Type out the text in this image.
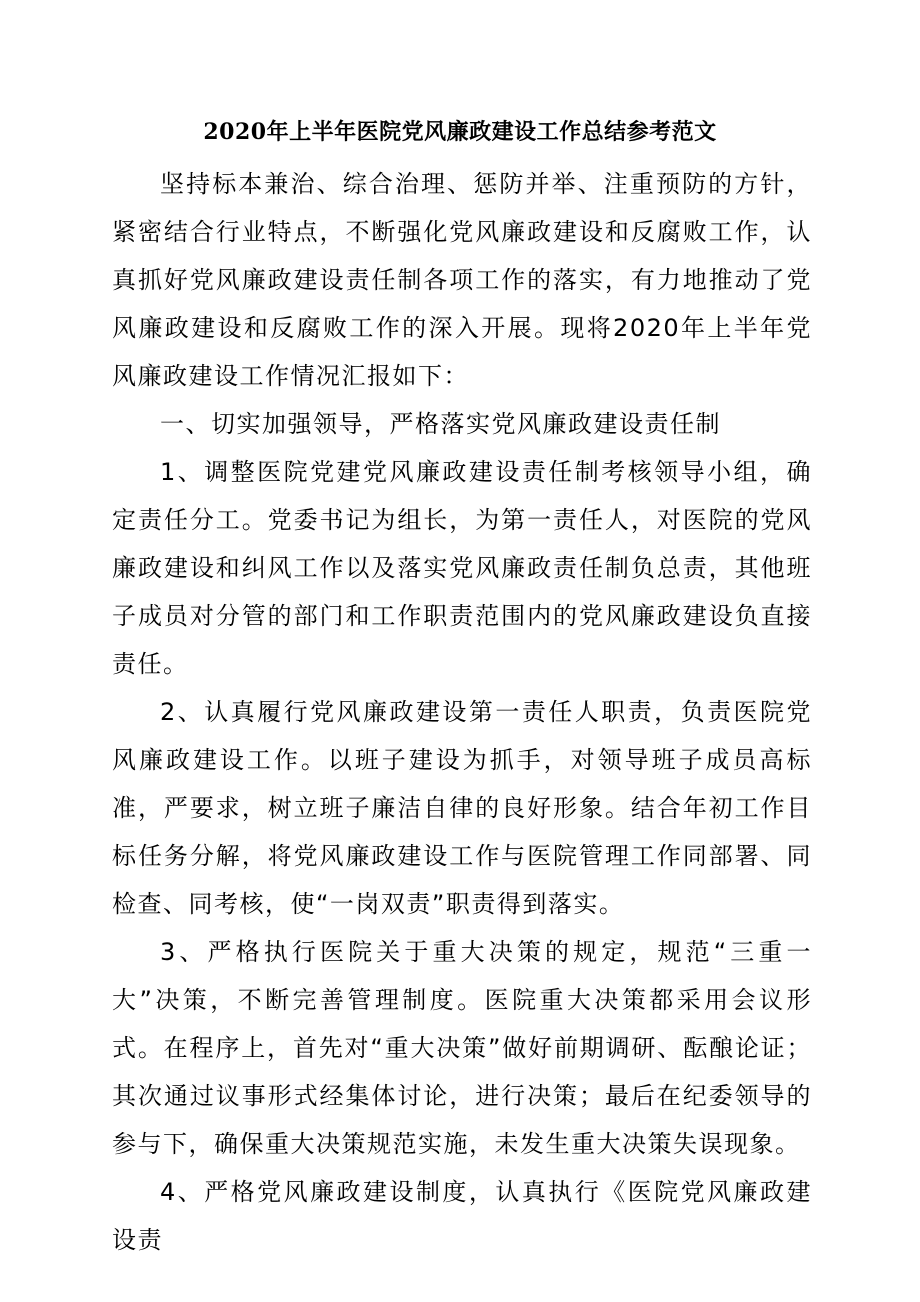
2020年上半年医院党风廉政建设工作总结参考范文

坚持标本兼治、综合治理、惩防并举、注重预防的方针，紧密结合行业特点，不断强化党风廉政建设和反腐败工作，认真抓好党风廉政建设责任制各项工作的落实，有力地推动了党风廉政建设和反腐败工作的深入开展。现将2020年上半年党风廉政建设工作情况汇报如下：

一、切实加强领导，严格落实党风廉政建设责任制

1、调整医院党建党风廉政建设责任制考核领导小组，确定责任分工。党委书记为组长，为第一责任人，对医院的党风廉政建设和纠风工作以及落实党风廉政责任制负总责，其他班子成员对分管的部门和工作职责范围内的党风廉政建设负直接责任。

2、认真履行党风廉政建设第一责任人职责，负责医院党风廉政建设工作。以班子建设为抓手，对领导班子成员高标准，严要求，树立班子廉洁自律的良好形象。结合年初工作目标任务分解，将党风廉政建设工作与医院管理工作同部署、同检查、同考核，使“一岗双责”职责得到落实。

3、严格执行医院关于重大决策的规定，规范“三重一大”决策，不断完善管理制度。医院重大决策都采用会议形式。在程序上，首先对“重大决策”做好前期调研、酝酿论证；其次通过议事形式经集体讨论，进行决策；最后在纪委领导的参与下，确保重大决策规范实施，未发生重大决策失误现象。

4、严格党风廉政建设制度，认真执行《医院党风廉政建设责
